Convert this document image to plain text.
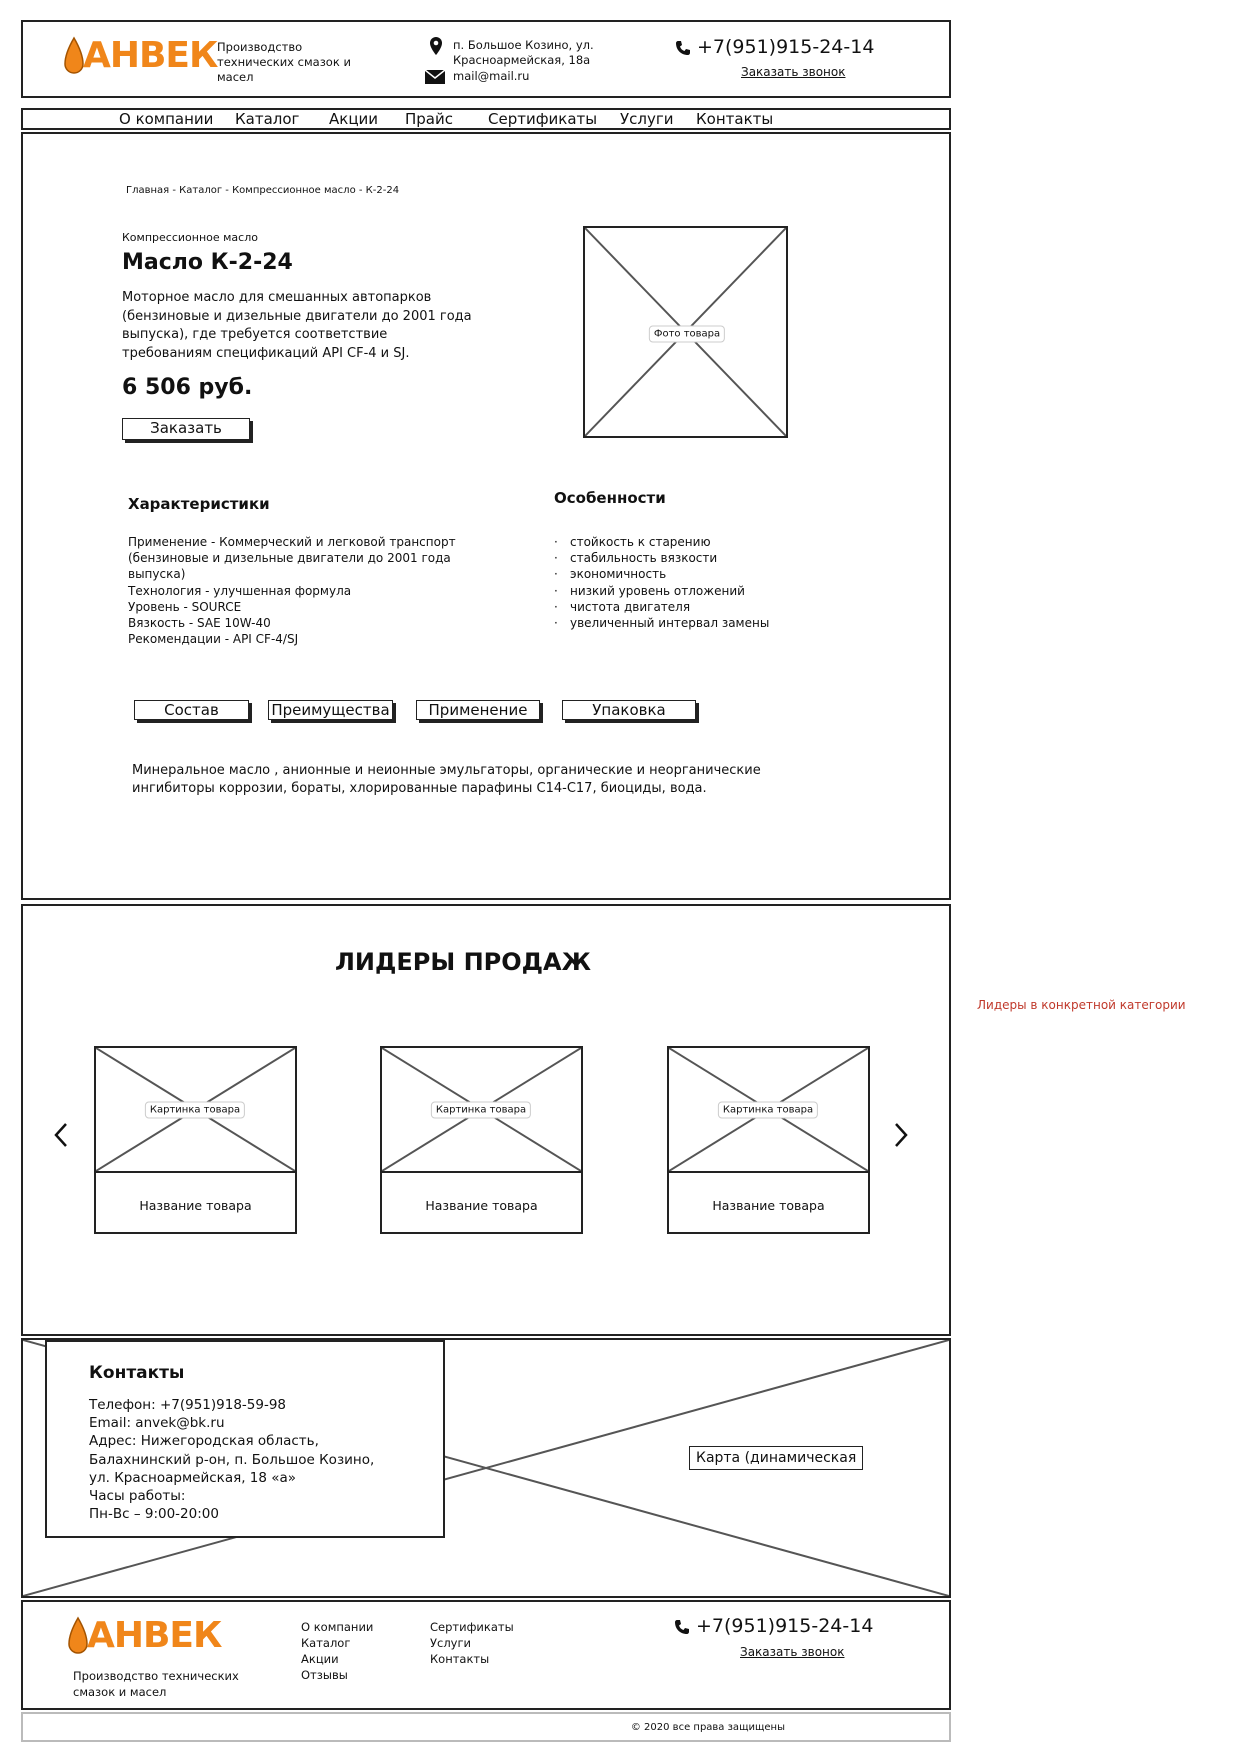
АНВЕК Производство технических смазок и масел
п. Большое Козино, ул. Красноармейская, 18а
mail@mail.ru
+7(951)915-24-14
Заказать звонок
О компании Каталог Акции Прайс Сертификаты Услуги Контакты
Главная - Каталог - Компрессионное масло - К-2-24
Компрессионное масло
Масло К-2-24
Моторное масло для смешанных автопарков (бензиновые и дизельные двигатели до 2001 года выпуска), где требуется соответствие требованиям спецификаций API CF-4 и SJ.
6 506 руб.
Заказать
Фото товара
Характеристики
Применение - Коммерческий и легковой транспорт
(бензиновые и дизельные двигатели до 2001 года
выпуска)
Технология - улучшенная формула
Уровень - SOURCE
Вязкость - SAE 10W-40
Рекомендации - API CF-4/SJ
Особенности
· стойкость к старению
· стабильность вязкости
· экономичность
· низкий уровень отложений
· чистота двигателя
· увеличенный интервал замены
Состав	Преимущества	Применение	Упаковка
Минеральное масло , анионные и неионные эмульгаторы, органические и неорганические ингибиторы коррозии, бораты, хлорированные парафины С14-С17, биоциды, вода.
ЛИДЕРЫ ПРОДАЖ
Картинка товара
Название товара
Картинка товара
Название товара
Картинка товара
Название товара
Лидеры в конкретной категории
Карта (динамическая
Контакты
Телефон: +7(951)918-59-98
Email: anvek@bk.ru
Адрес: Нижегородская область,
Балахнинский р-он, п. Большое Козино,
ул. Красноармейская, 18 «а»
Часы работы:
Пн-Вс – 9:00-20:00
АНВЕК
Производство технических смазок и масел
О компании
Каталог
Акции
Отзывы
Сертификаты
Услуги
Контакты
+7(951)915-24-14
Заказать звонок
© 2020 все права защищены
